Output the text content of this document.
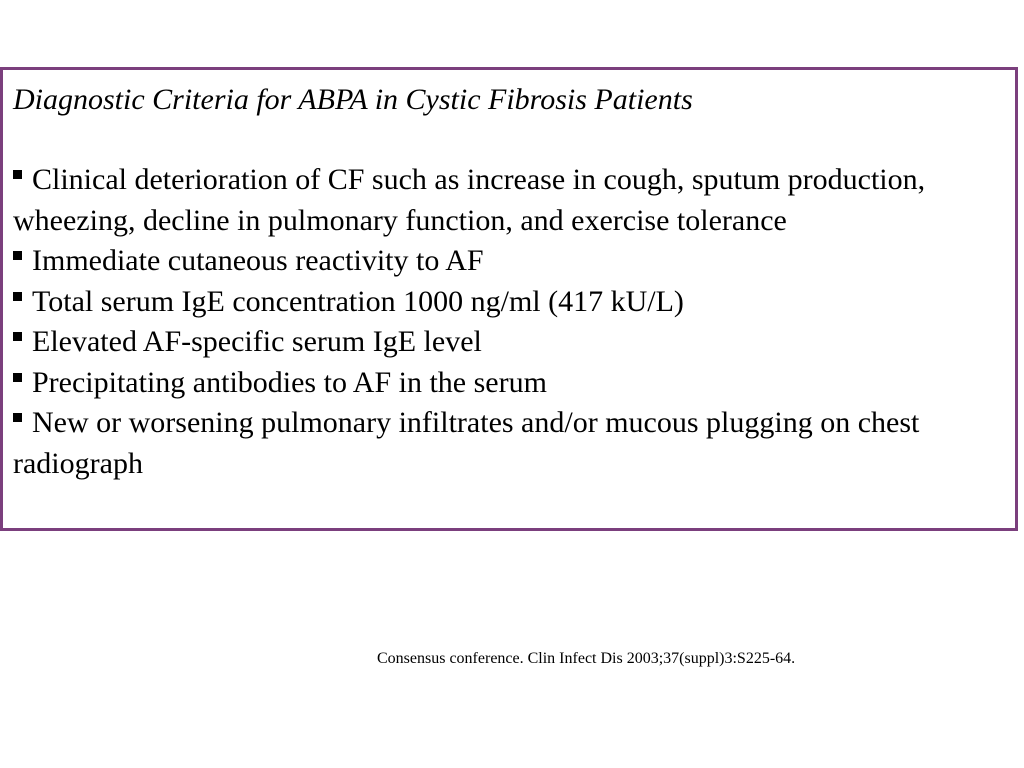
Diagnostic Criteria for ABPA in Cystic Fibrosis Patients
Clinical deterioration of CF such as increase in cough, sputum production, wheezing, decline in pulmonary function, and exercise tolerance
Immediate cutaneous reactivity to AF
Total serum IgE concentration 1000 ng/ml (417 kU/L)
Elevated AF-specific serum IgE level
Precipitating antibodies to AF in the serum
New or worsening pulmonary infiltrates and/or mucous plugging on chest radiograph
Consensus conference. Clin Infect Dis 2003;37(suppl)3:S225-64.
